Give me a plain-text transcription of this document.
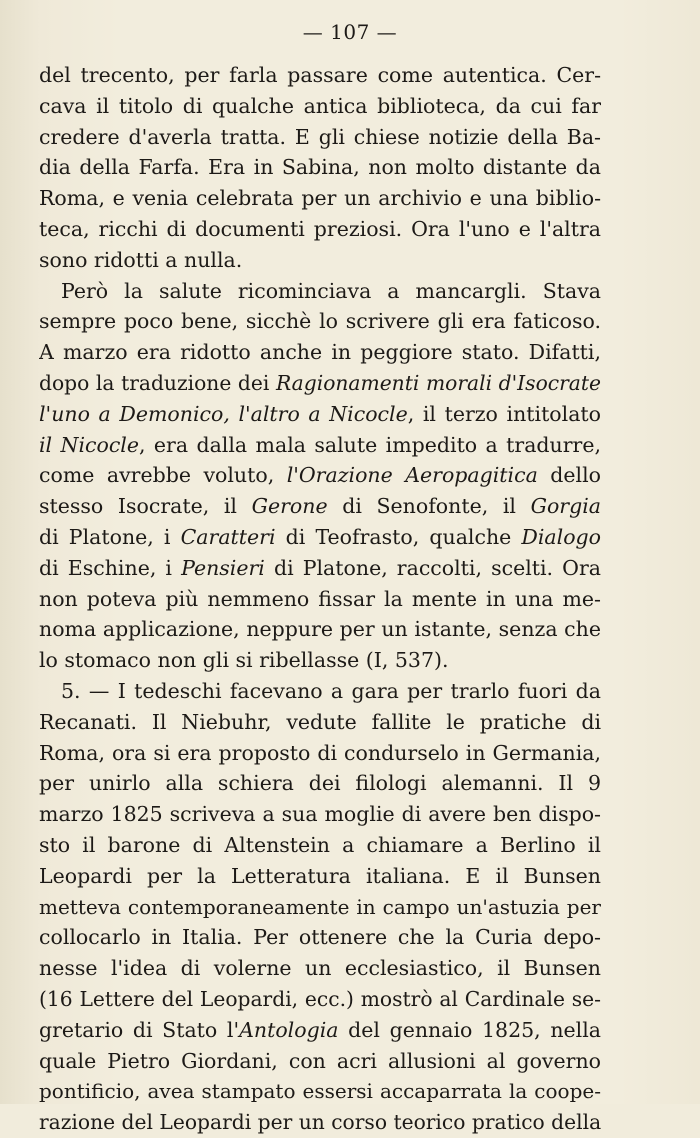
— 107 —
del trecento, per farla passare come autentica. Cer-
cava il titolo di qualche antica biblioteca, da cui far
credere d'averla tratta. E gli chiese notizie della Ba-
dia della Farfa. Era in Sabina, non molto distante da
Roma, e venia celebrata per un archivio e una biblio-
teca, ricchi di documenti preziosi. Ora l'uno e l'altra
sono ridotti a nulla.
Però la salute ricominciava a mancargli. Stava
sempre poco bene, sicchè lo scrivere gli era faticoso.
A marzo era ridotto anche in peggiore stato. Difatti,
dopo la traduzione dei Ragionamenti morali d'Isocrate
l'uno a Demonico, l'altro a Nicocle, il terzo intitolato
il Nicocle, era dalla mala salute impedito a tradurre,
come avrebbe voluto, l'Orazione Aeropagitica dello
stesso Isocrate, il Gerone di Senofonte, il Gorgia
di Platone, i Caratteri di Teofrasto, qualche Dialogo
di Eschine, i Pensieri di Platone, raccolti, scelti. Ora
non poteva più nemmeno fissar la mente in una me-
noma applicazione, neppure per un istante, senza che
lo stomaco non gli si ribellasse (I, 537).
5. — I tedeschi facevano a gara per trarlo fuori da
Recanati. Il Niebuhr, vedute fallite le pratiche di
Roma, ora si era proposto di condurselo in Germania,
per unirlo alla schiera dei filologi alemanni. Il 9
marzo 1825 scriveva a sua moglie di avere ben dispo-
sto il barone di Altenstein a chiamare a Berlino il
Leopardi per la Letteratura italiana. E il Bunsen
metteva contemporaneamente in campo un'astuzia per
collocarlo in Italia. Per ottenere che la Curia depo-
nesse l'idea di volerne un ecclesiastico, il Bunsen
(16 Lettere del Leopardi, ecc.) mostrò al Cardinale se-
gretario di Stato l'Antologia del gennaio 1825, nella
quale Pietro Giordani, con acri allusioni al governo
pontificio, avea stampato essersi accaparrata la coope-
razione del Leopardi per un corso teorico pratico della
